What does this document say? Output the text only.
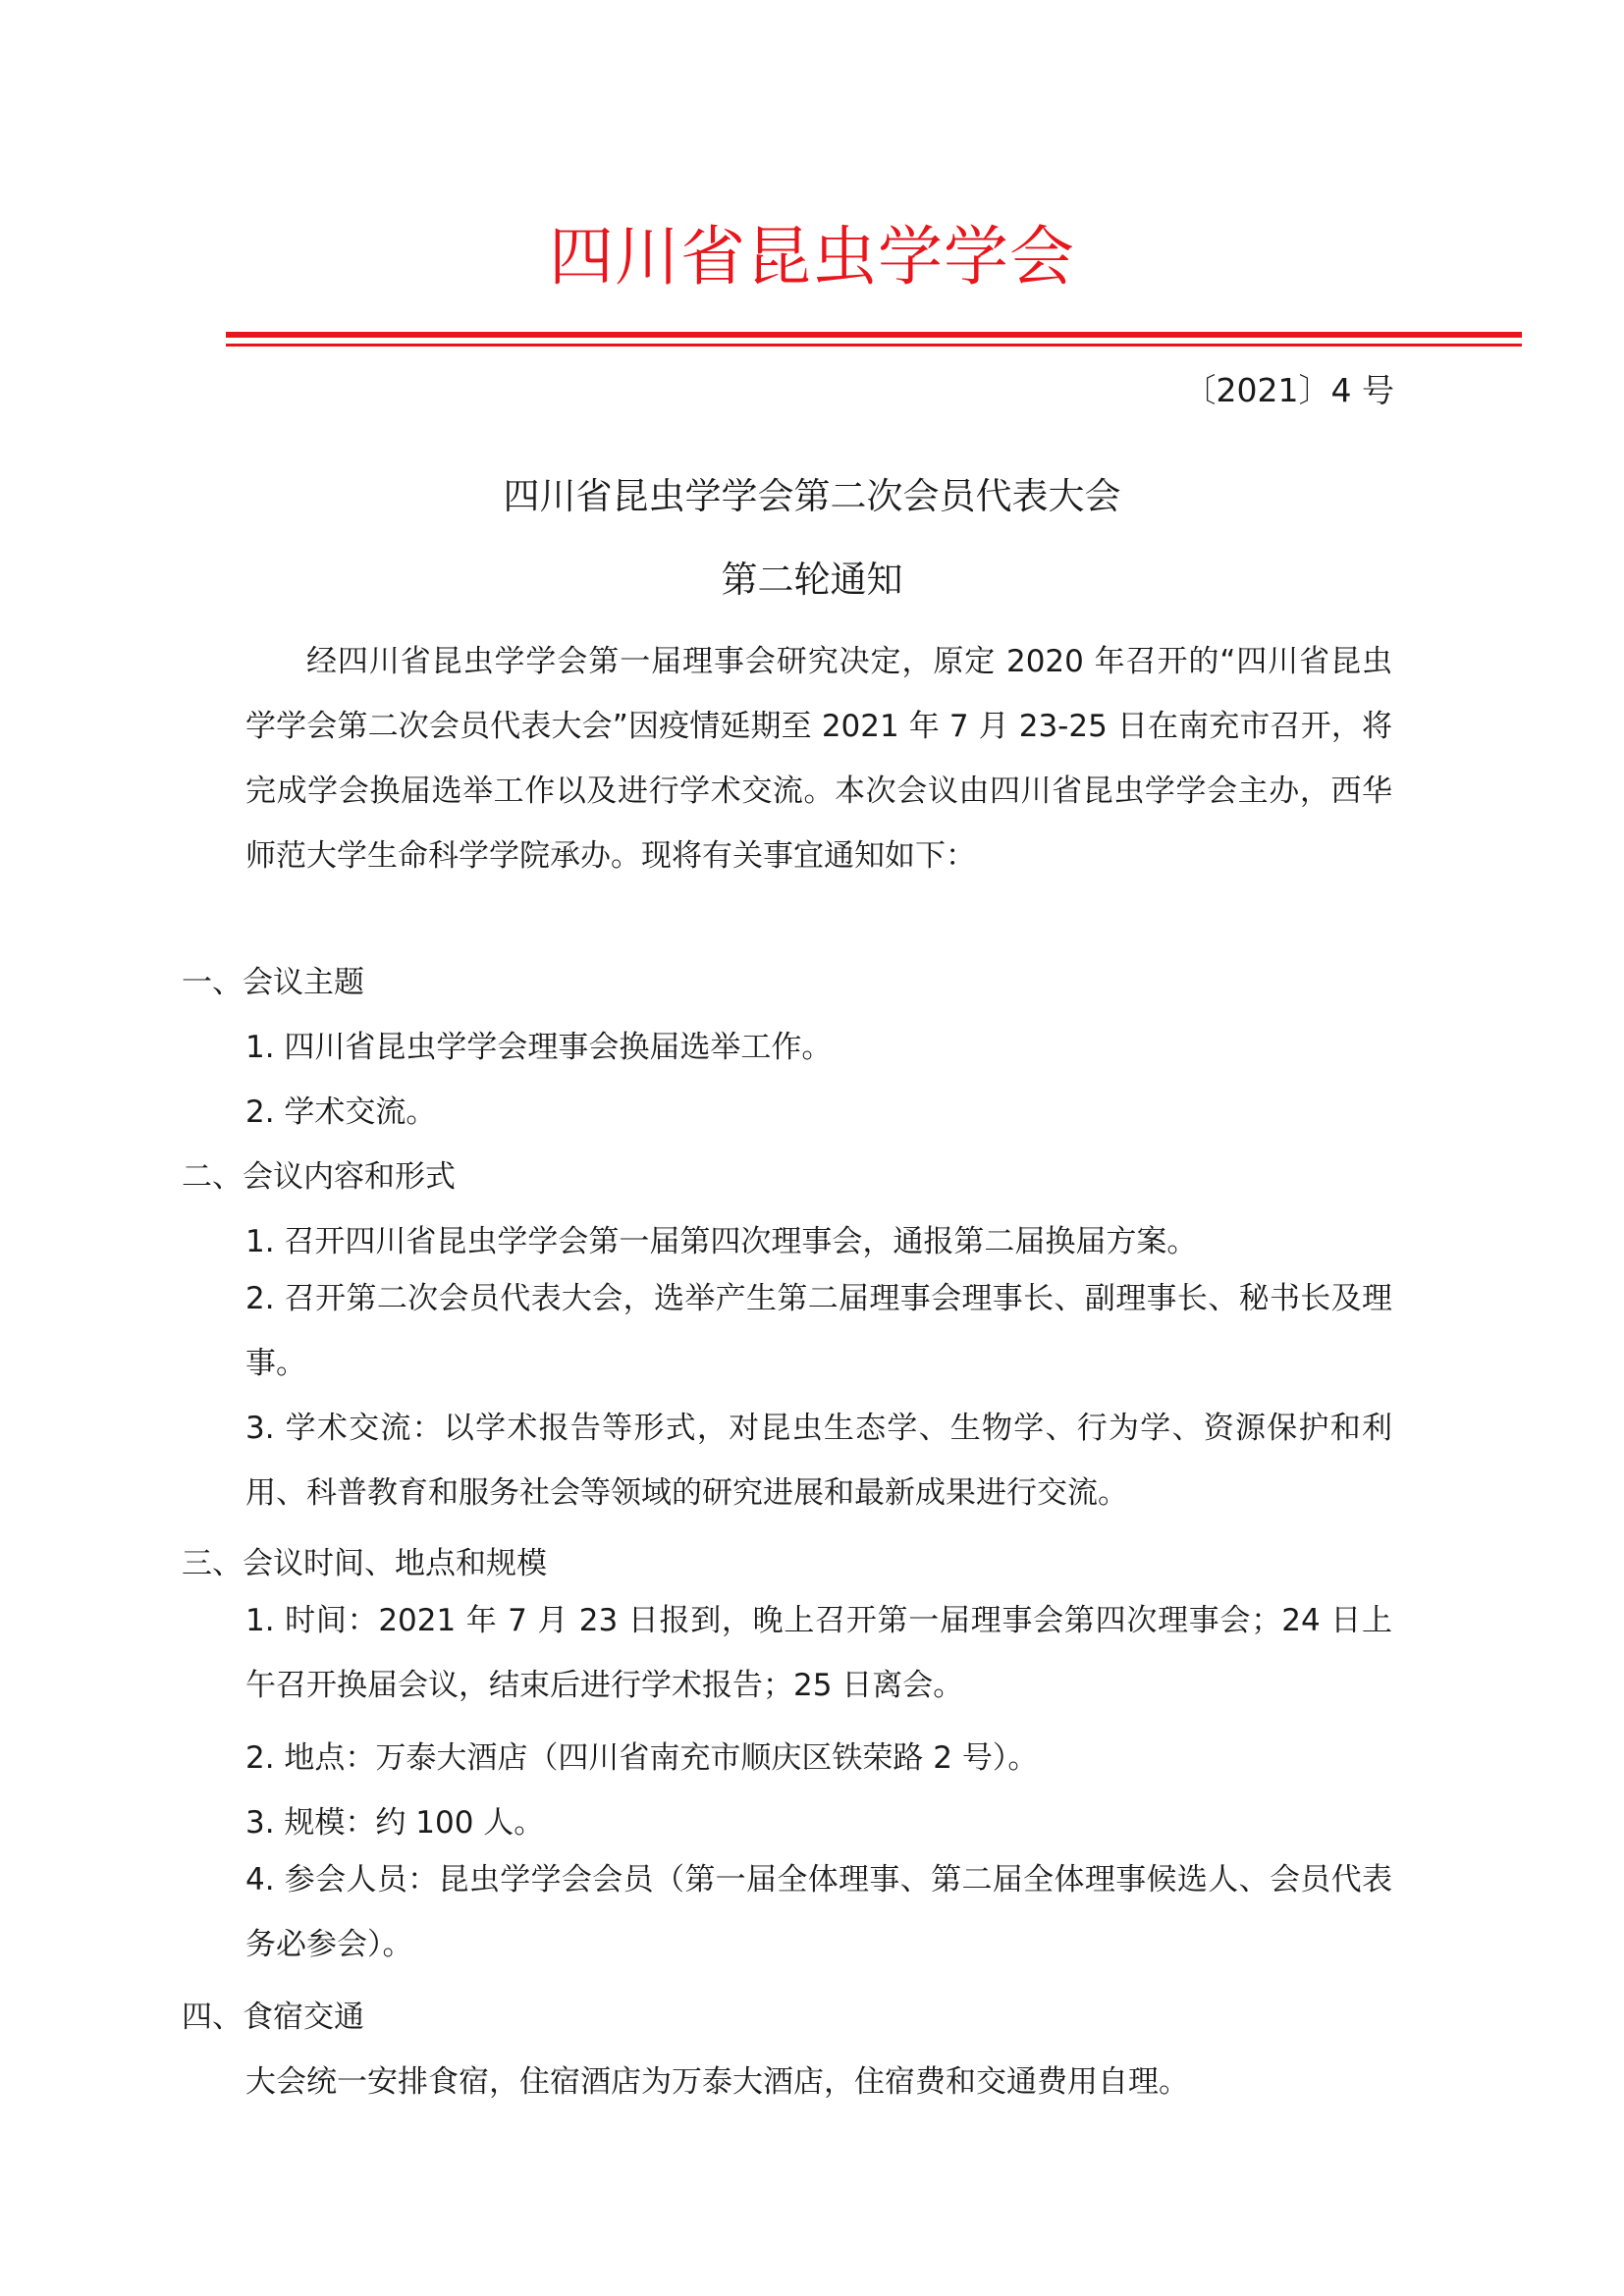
四川省昆虫学学会
〔2021〕4 号
四川省昆虫学学会第二次会员代表大会
第二轮通知

经四川省昆虫学学会第一届理事会研究决定，原定 2020 年召开的“四川省昆虫学学会第二次会员代表大会”因疫情延期至 2021 年 7 月 23-25 日在南充市召开，将完成学会换届选举工作以及进行学术交流。本次会议由四川省昆虫学学会主办，西华师范大学生命科学学院承办。现将有关事宜通知如下：

一、会议主题
1. 四川省昆虫学学会理事会换届选举工作。
2. 学术交流。
二、会议内容和形式
1. 召开四川省昆虫学学会第一届第四次理事会，通报第二届换届方案。
2. 召开第二次会员代表大会，选举产生第二届理事会理事长、副理事长、秘书长及理事。
3. 学术交流：以学术报告等形式，对昆虫生态学、生物学、行为学、资源保护和利用、科普教育和服务社会等领域的研究进展和最新成果进行交流。
三、会议时间、地点和规模
1. 时间：2021 年 7 月 23 日报到，晚上召开第一届理事会第四次理事会；24 日上午召开换届会议，结束后进行学术报告；25 日离会。
2. 地点：万泰大酒店（四川省南充市顺庆区铁荣路 2 号）。
3. 规模：约 100 人。
4. 参会人员：昆虫学学会会员（第一届全体理事、第二届全体理事候选人、会员代表务必参会）。
四、食宿交通
大会统一安排食宿，住宿酒店为万泰大酒店，住宿费和交通费用自理。
